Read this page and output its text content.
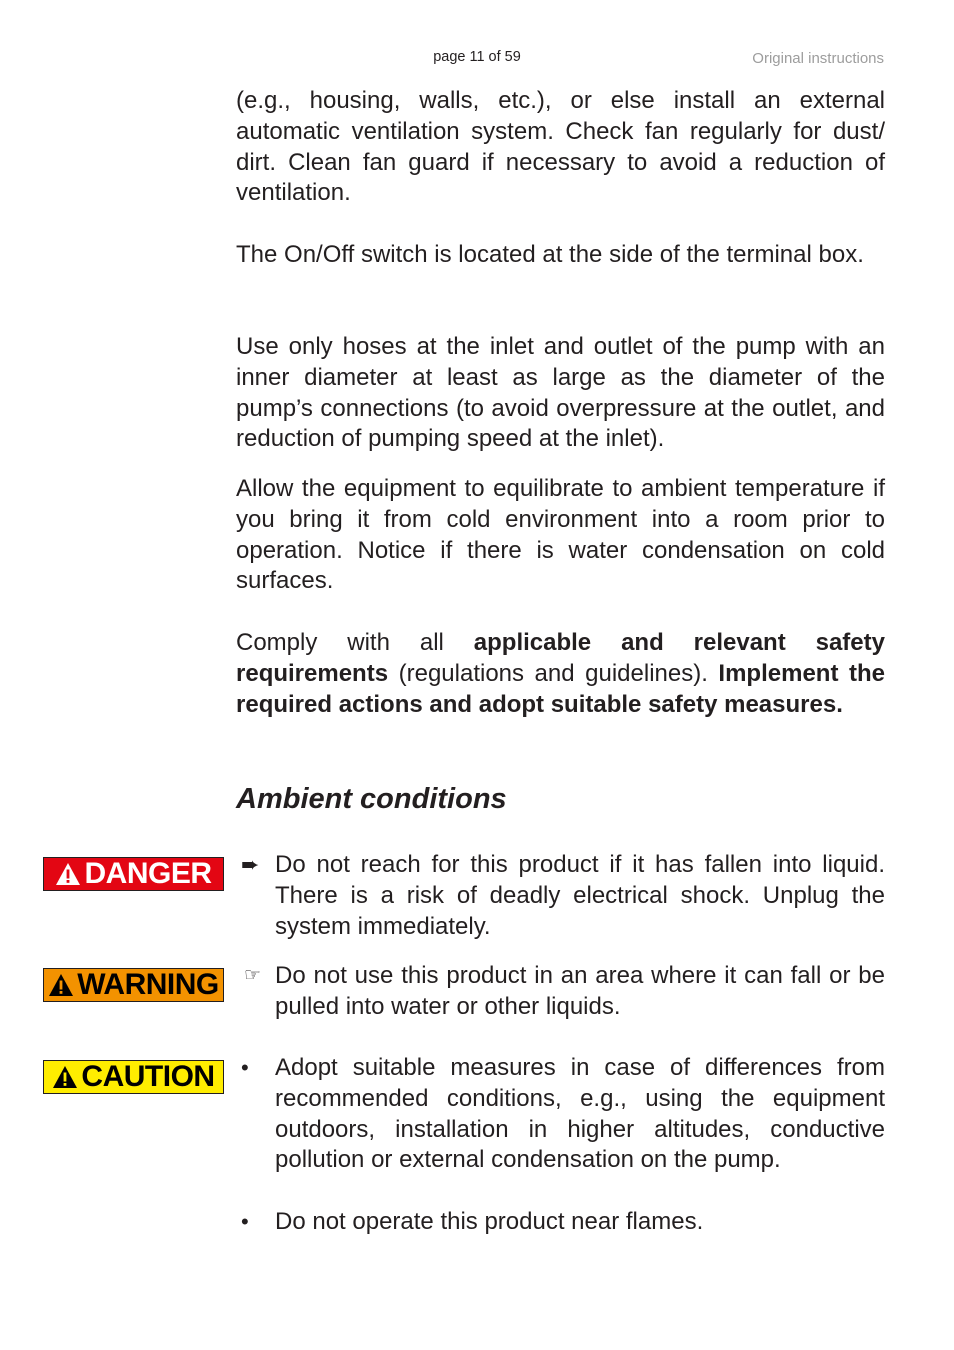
page 11 of 59	Original instructions

(e.g., housing, walls, etc.), or else install an external automatic ventilation system. Check fan regularly for dust/ dirt. Clean fan guard if necessary to avoid a reduction of ventilation.

The On/Off switch is located at the side of the terminal box.

Use only hoses at the inlet and outlet of the pump with an inner diameter at least as large as the diameter of the pump’s connections (to avoid overpressure at the outlet, and reduction of pumping speed at the inlet).

Allow the equipment to equilibrate to ambient temperature if you bring it from cold environment into a room prior to operation. Notice if there is water condensation on cold surfaces.

Comply with all applicable and relevant safety requirements (regulations and guidelines). Implement the required actions and adopt suitable safety measures.

Ambient conditions
DANGER
WARNING
CAUTION
➨ Do not reach for this product if it has fallen into liquid. There is a risk of deadly electrical shock. Unplug the system immediately.

☞ Do not use this product in an area where it can fall or be pulled into water or other liquids.

• Adopt suitable measures in case of differences from recommended conditions, e.g., using the equipment outdoors, installation in higher altitudes, conductive pollution or external condensation on the pump.

• Do not operate this product near flames.
